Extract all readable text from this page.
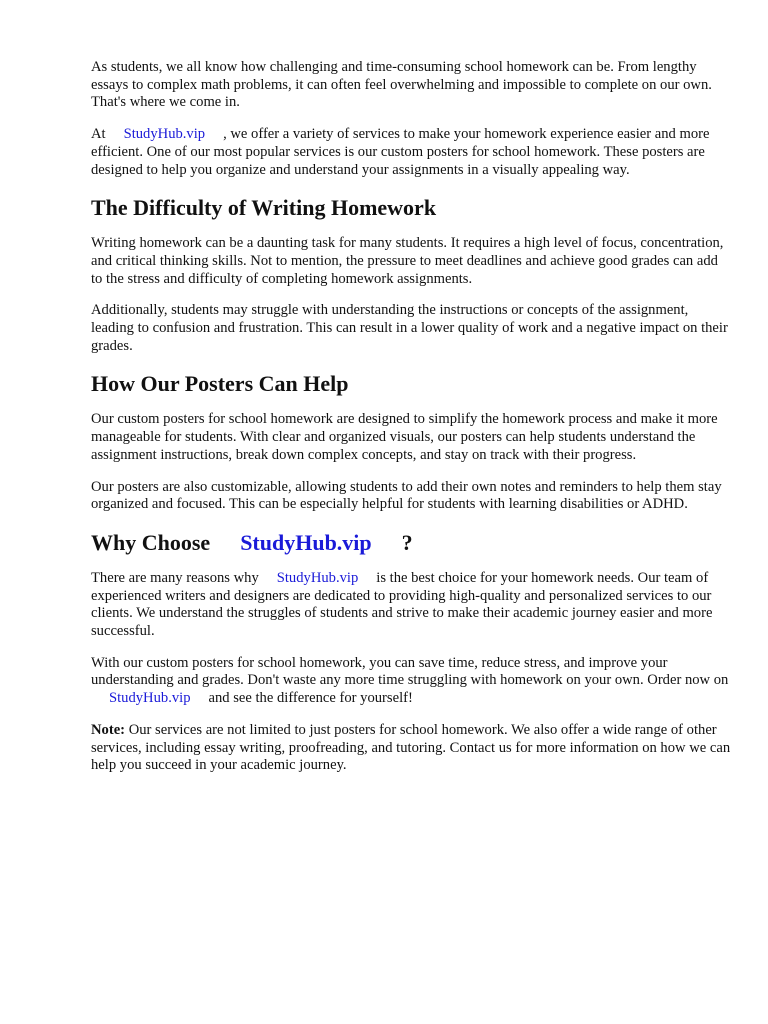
As students, we all know how challenging and time-consuming school homework can be. From lengthy essays to complex math problems, it can often feel overwhelming and impossible to complete on our own. That's where we come in.

At StudyHub.vip , we offer a variety of services to make your homework experience easier and more efficient. One of our most popular services is our custom posters for school homework. These posters are designed to help you organize and understand your assignments in a visually appealing way.

The Difficulty of Writing Homework

Writing homework can be a daunting task for many students. It requires a high level of focus, concentration, and critical thinking skills. Not to mention, the pressure to meet deadlines and achieve good grades can add to the stress and difficulty of completing homework assignments.

Additionally, students may struggle with understanding the instructions or concepts of the assignment, leading to confusion and frustration. This can result in a lower quality of work and a negative impact on their grades.

How Our Posters Can Help

Our custom posters for school homework are designed to simplify the homework process and make it more manageable for students. With clear and organized visuals, our posters can help students understand the assignment instructions, break down complex concepts, and stay on track with their progress.

Our posters are also customizable, allowing students to add their own notes and reminders to help them stay organized and focused. This can be especially helpful for students with learning disabilities or ADHD.

Why Choose StudyHub.vip ?

There are many reasons why StudyHub.vip is the best choice for your homework needs. Our team of experienced writers and designers are dedicated to providing high-quality and personalized services to our clients. We understand the struggles of students and strive to make their academic journey easier and more successful.

With our custom posters for school homework, you can save time, reduce stress, and improve your understanding and grades. Don't waste any more time struggling with homework on your own. Order now onStudyHub.vip and see the difference for yourself!

Note: Our services are not limited to just posters for school homework. We also offer a wide range of other services, including essay writing, proofreading, and tutoring. Contact us for more information on how we can help you succeed in your academic journey.
